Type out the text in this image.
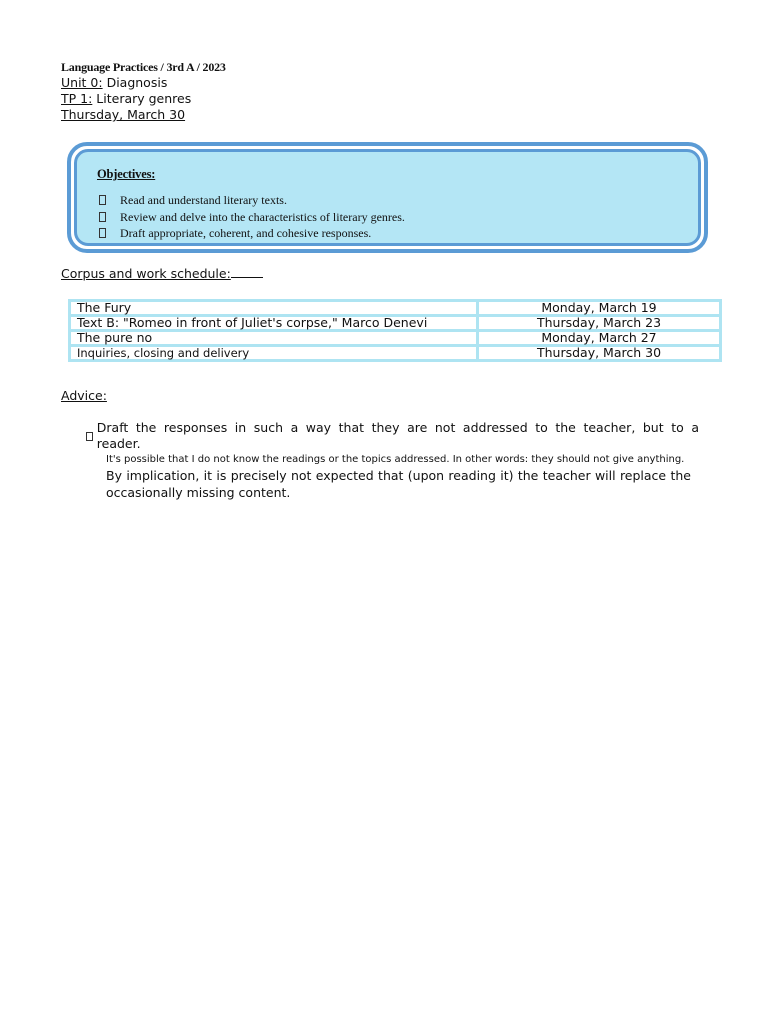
Language Practices / 3rd A / 2023
Unit 0: Diagnosis
TP 1: Literary genres
Thursday, March 30
Objectives:
Read and understand literary texts.
Review and delve into the characteristics of literary genres.
Draft appropriate, coherent, and cohesive responses.
Corpus and work schedule:
The Fury	Monday, March 19
Text B: "Romeo in front of Juliet's corpse," Marco Denevi	Thursday, March 23
The pure no	Monday, March 27
Inquiries, closing and delivery	Thursday, March 30
Advice:
Draft the responses in such a way that they are not addressed to the teacher, but to a reader.
It's possible that I do not know the readings or the topics addressed. In other words: they should not give anything.
By implication, it is precisely not expected that (upon reading it) the teacher will replace the occasionally missing content.
